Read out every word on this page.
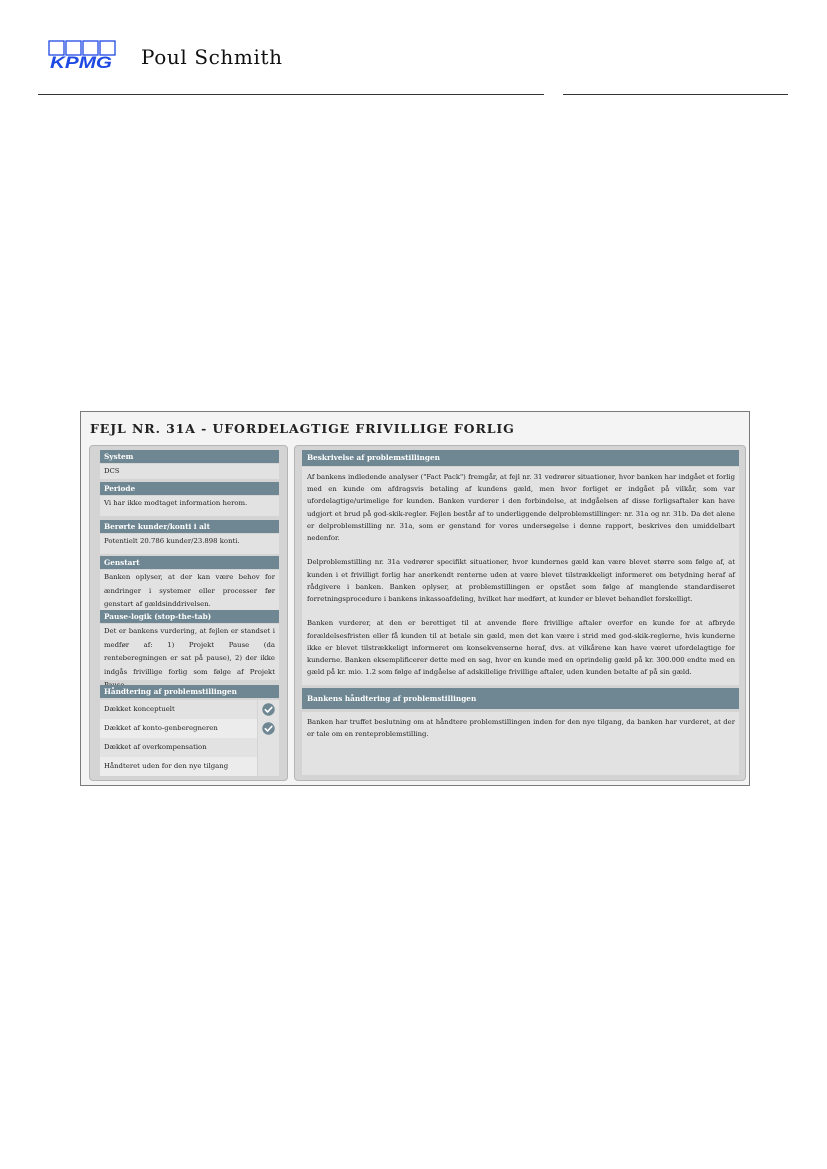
KPMG Poul Schmith
FEJL NR. 31A - UFORDELAGTIGE FRIVILLIGE FORLIG
System
DCS
Periode
Vi har ikke modtaget information herom.
Berørte kunder/konti i alt
Potentielt 20.786 kunder/23.898 konti.
Genstart
Banken oplyser, at der kan være behov for ændringer i systemer eller processer før genstart af gældsinddrivelsen.
Pause-logik (stop-the-tab)
Det er bankens vurdering, at fejlen er standset i medfør af: 1) Projekt Pause (da renteberegningen er sat på pause), 2) der ikke indgås frivillige forlig som følge af Projekt
Håndtering af problemstillingen
Dækket konceptuelt
Dækket af konto-genberegneren
Dækket af overkompensation
Håndteret uden for den nye tilgang
Beskrivelse af problemstillingen

Af bankens indledende analyser ("Fact Pack") fremgår, at fejl nr. 31 vedrører situationer, hvor banken har indgået et forlig med en kunde om afdragsvis betaling af kundens gæld, men hvor forliget er indgået på vilkår, som var ufordelagtige/urimelige for kunden. Banken vurderer i den forbindelse, at indgåelsen af disse forligsaftaler kan have udgjort et brud på god-skik-regler. Fejlen består af to underliggende delproblemstillinger: nr. 31a og nr. 31b. Da det alene er delproblemstilling nr. 31a, som er genstand for vores undersøgelse i denne rapport, beskrives den umiddelbart nedenfor.

Delproblemstilling nr. 31a vedrører specifikt situationer, hvor kundernes gæld kan være blevet større som følge af, at kunden i et frivilligt forlig har anerkendt renterne uden at være blevet tilstrækkeligt informeret om betydning heraf af rådgivere i banken. Banken oplyser, at problemstillingen er opstået som følge af manglende standardiseret forretningsprocedure i bankens inkassoafdeling, hvilket har medført, at kunder er blevet behandlet forskelligt.

Banken vurderer, at den er berettiget til at anvende flere frivillige aftaler overfor en kunde for at afbryde forældelsesfristen eller få kunden til at betale sin gæld, men det kan være i strid med god-skik-reglerne, hvis kunderne ikke er blevet tilstrækkeligt informeret om konsekvenserne heraf, dvs. at vilkårene kan have været ufordelagtige for kunderne. Banken eksemplificerer dette med en sag, hvor en kunde med en oprindelig gæld på kr. 300.000 endte med en gæld på kr. mio. 1.2 som følge af indgåelse af adskillelige frivillige aftaler, uden kunden betalte af på sin gæld.

Bankens håndtering af problemstillingen

Banken har truffet beslutning om at håndtere problemstillingen inden for den nye tilgang, da banken har vurderet, at der er tale om en renteproblemstilling.
